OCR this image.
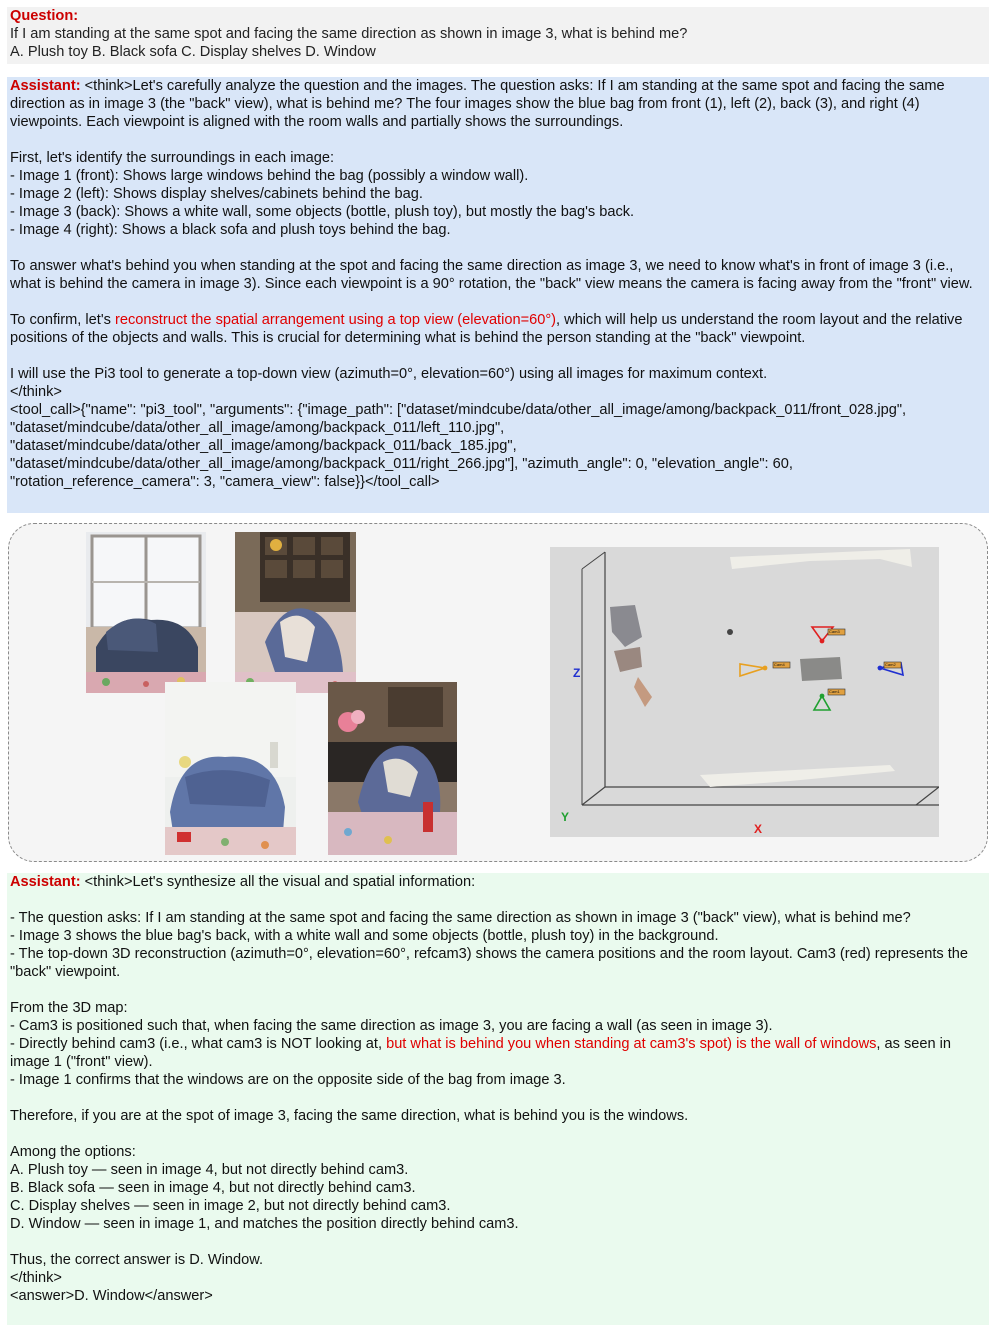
Question:

If I am standing at the same spot and facing the same direction as shown in image 3, what is behind me?

A. Plush toy B. Black sofa C. Display shelves D. Window

Assistant: <think>Let's carefully analyze the question and the images. The question asks: If I am standing at the same spot and facing the same direction as in image 3 (the "back" view), what is behind me? The four images show the blue bag from front (1), left (2), back (3), and right (4) viewpoints. Each viewpoint is aligned with the room walls and partially shows the surroundings.

First, let's identify the surroundings in each image:

- Image 1 (front): Shows large windows behind the bag (possibly a window wall).

- Image 2 (left): Shows display shelves/cabinets behind the bag.

- Image 3 (back): Shows a white wall, some objects (bottle, plush toy), but mostly the bag's back.

- Image 4 (right): Shows a black sofa and plush toys behind the bag.

To answer what's behind you when standing at the spot and facing the same direction as image 3, we need to know what's in front of image 3 (i.e., what is behind the camera in image 3). Since each viewpoint is a 90° rotation, the "back" view means the camera is facing away from the "front" view.

To confirm, let's reconstruct the spatial arrangement using a top view (elevation=60°), which will help us understand the room layout and the relative positions of the objects and walls. This is crucial for determining what is behind the person standing at the "back" viewpoint.

I will use the Pi3 tool to generate a top-down view (azimuth=0°, elevation=60°) using all images for maximum context.

</think>

<tool_call>{"name": "pi3_tool", "arguments": {"image_path": ["dataset/mindcube/data/other_all_image/among/backpack_011/front_028.jpg",

"dataset/mindcube/data/other_all_image/among/backpack_011/left_110.jpg",

"dataset/mindcube/data/other_all_image/among/backpack_011/back_185.jpg",

"dataset/mindcube/data/other_all_image/among/backpack_011/right_266.jpg"], "azimuth_angle": 0, "elevation_angle": 60,

"rotation_reference_camera": 3, "camera_view": false}}</tool_call>

Cam3
Cam4	Cam2
Cam1
Z
Y
X

Assistant: <think>Let's synthesize all the visual and spatial information:

- The question asks: If I am standing at the same spot and facing the same direction as shown in image 3 ("back" view), what is behind me?

- Image 3 shows the blue bag's back, with a white wall and some objects (bottle, plush toy) in the background.

- The top-down 3D reconstruction (azimuth=0°, elevation=60°, refcam3) shows the camera positions and the room layout. Cam3 (red) represents the "back" viewpoint.

From the 3D map:

- Cam3 is positioned such that, when facing the same direction as image 3, you are facing a wall (as seen in image 3).

- Directly behind cam3 (i.e., what cam3 is NOT looking at, but what is behind you when standing at cam3's spot) is the wall of windows, as seen in image 1 ("front" view).

- Image 1 confirms that the windows are on the opposite side of the bag from image 3.

Therefore, if you are at the spot of image 3, facing the same direction, what is behind you is the windows.

Among the options:

A. Plush toy — seen in image 4, but not directly behind cam3.

B. Black sofa — seen in image 4, but not directly behind cam3.

C. Display shelves — seen in image 2, but not directly behind cam3.

D. Window — seen in image 1, and matches the position directly behind cam3.

Thus, the correct answer is D. Window.

</think>

<answer>D. Window</answer>
